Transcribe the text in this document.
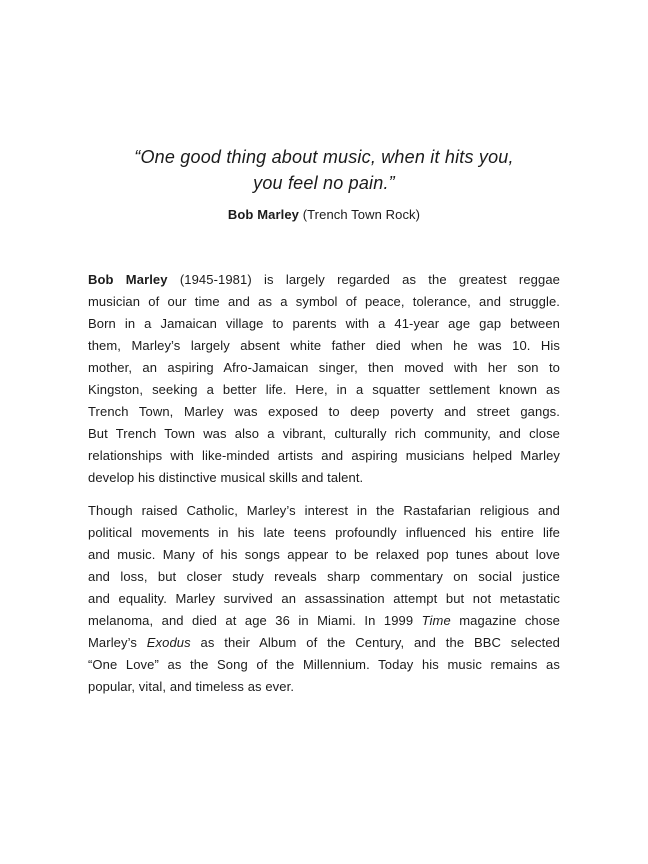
“One good thing about music, when it hits you,
you feel no pain.”
Bob Marley (Trench Town Rock)
Bob Marley (1945-1981) is largely regarded as the greatest reggae
musician of our time and as a symbol of peace, tolerance, and struggle.
Born in a Jamaican village to parents with a 41-year age gap between
them, Marley’s largely absent white father died when he was 10. His
mother, an aspiring Afro-Jamaican singer, then moved with her son to
Kingston, seeking a better life. Here, in a squatter settlement known as
Trench Town, Marley was exposed to deep poverty and street gangs.
But Trench Town was also a vibrant, culturally rich community, and close
relationships with like-minded artists and aspiring musicians helped Marley
develop his distinctive musical skills and talent.
Though raised Catholic, Marley’s interest in the Rastafarian religious and
political movements in his late teens profoundly influenced his entire life
and music. Many of his songs appear to be relaxed pop tunes about love
and loss, but closer study reveals sharp commentary on social justice
and equality. Marley survived an assassination attempt but not metastatic
melanoma, and died at age 36 in Miami. In 1999 Time magazine chose
Marley’s Exodus as their Album of the Century, and the BBC selected
“One Love” as the Song of the Millennium. Today his music remains as
popular, vital, and timeless as ever.
